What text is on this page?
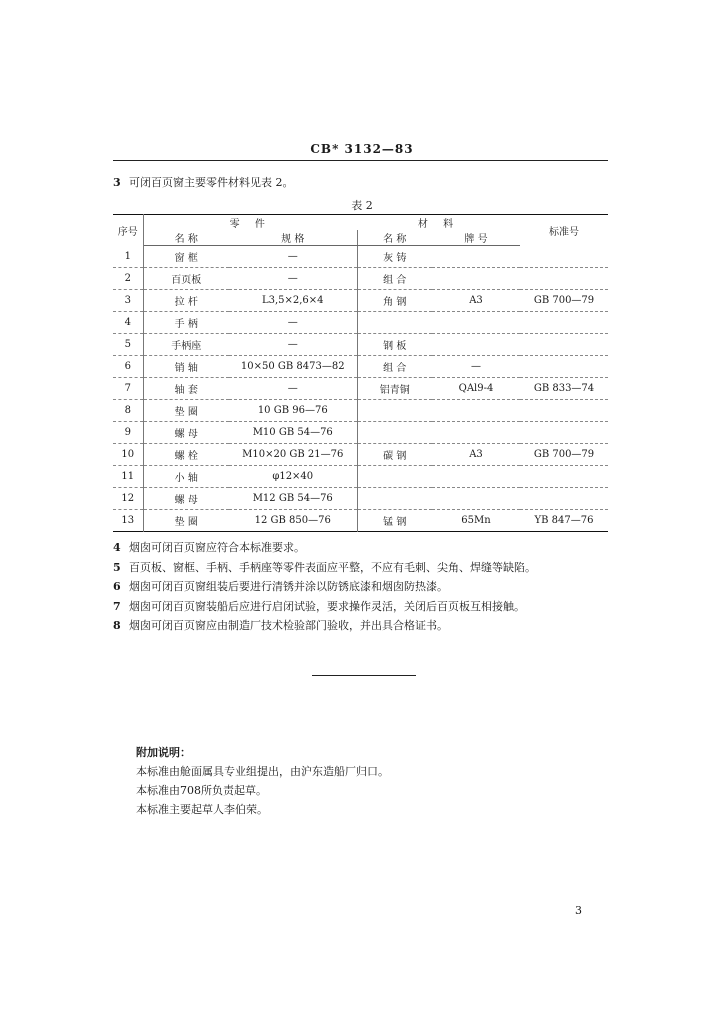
CB* 3132—83
3 可闭百页窗主要零件材料见表 2。
表 2
序号	零 件		材 料		标准号
	名 称	规 格	名 称	牌 号	
1	窗 框	—	灰 铸		
2	百页板	—	组 合		
3	拉 杆	L3,5×2,6×4	角 钢	A3	GB 700—79
4	手 柄	—			
5	手柄座	—	钢 板		
6	销 轴	10×50 GB 8473—82	组 合	—	
7	轴 套	—	铝青铜	QAl9-4	GB 833—74
8	垫 圈	10 GB 96—76			
9	螺 母	M10 GB 54—76			
10	螺 栓	M10×20 GB 21—76	碳 钢	A3	GB 700—79
11	小 轴	φ12×40			
12	螺 母	M12 GB 54—76			
13	垫 圈	12 GB 850—76	锰 钢	65Mn	YB 847—76
4 烟囱可闭百页窗应符合本标准要求。
5 百页板、窗框、手柄、手柄座等零件表面应平整，不应有毛刺、尖角、焊缝等缺陷。
6 烟囱可闭百页窗组装后要进行清锈并涂以防锈底漆和烟囱防热漆。
7 烟囱可闭百页窗装船后应进行启闭试验，要求操作灵活，关闭后百页板互相接触。
8 烟囱可闭百页窗应由制造厂技术检验部门验收，并出具合格证书。
附加说明：
本标准由舱面属具专业组提出，由沪东造船厂归口。
本标准由708所负责起草。
本标准主要起草人李伯荣。
3
